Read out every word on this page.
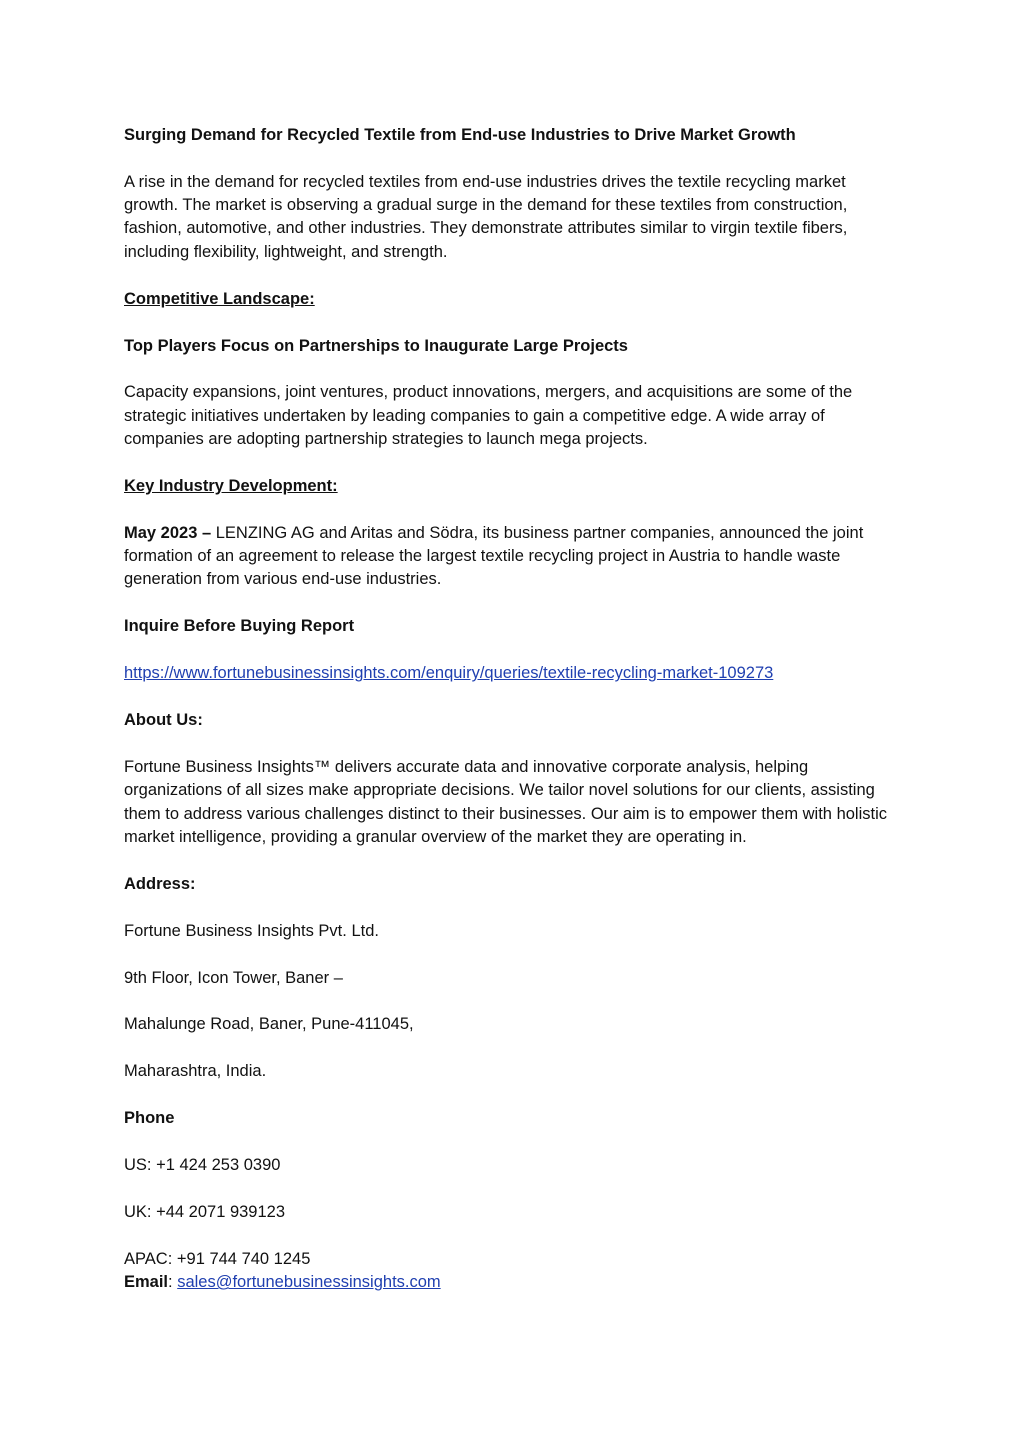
Surging Demand for Recycled Textile from End-use Industries to Drive Market Growth

A rise in the demand for recycled textiles from end-use industries drives the textile recycling market growth. The market is observing a gradual surge in the demand for these textiles from construction, fashion, automotive, and other industries. They demonstrate attributes similar to virgin textile fibers, including flexibility, lightweight, and strength.

Competitive Landscape:

Top Players Focus on Partnerships to Inaugurate Large Projects

Capacity expansions, joint ventures, product innovations, mergers, and acquisitions are some of the strategic initiatives undertaken by leading companies to gain a competitive edge. A wide array of companies are adopting partnership strategies to launch mega projects.

Key Industry Development:

May 2023 – LENZING AG and Aritas and Södra, its business partner companies, announced the joint formation of an agreement to release the largest textile recycling project in Austria to handle waste generation from various end-use industries.

Inquire Before Buying Report

https://www.fortunebusinessinsights.com/enquiry/queries/textile-recycling-market-109273

About Us:

Fortune Business Insights™ delivers accurate data and innovative corporate analysis, helping organizations of all sizes make appropriate decisions. We tailor novel solutions for our clients, assisting them to address various challenges distinct to their businesses. Our aim is to empower them with holistic market intelligence, providing a granular overview of the market they are operating in.

Address:

Fortune Business Insights Pvt. Ltd.

9th Floor, Icon Tower, Baner –

Mahalunge Road, Baner, Pune-411045,

Maharashtra, India.

Phone

US: +1 424 253 0390

UK: +44 2071 939123

APAC: +91 744 740 1245

Email: sales@fortunebusinessinsights.com
